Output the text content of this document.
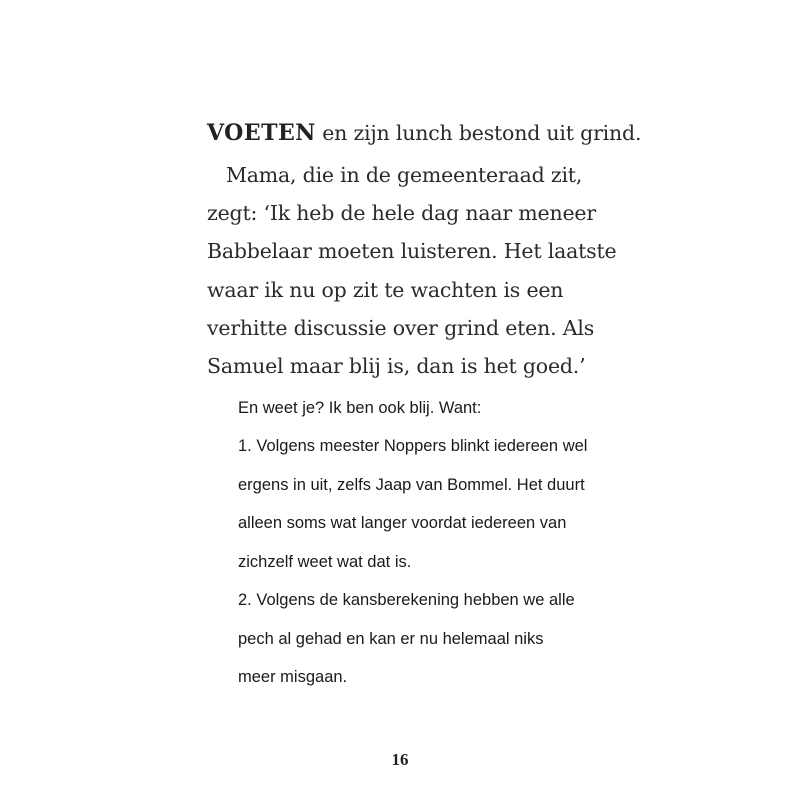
VOETEN en zijn lunch bestond uit grind.
Mama, die in de gemeenteraad zit,
zegt: ‘Ik heb de hele dag naar meneer
Babbelaar moeten luisteren. Het laatste
waar ik nu op zit te wachten is een
verhitte discussie over grind eten. Als
Samuel maar blij is, dan is het goed.’
En weet je? Ik ben ook blij. Want:
1. Volgens meester Noppers blinkt iedereen wel
ergens in uit, zelfs Jaap van Bommel. Het duurt
alleen soms wat langer voordat iedereen van
zichzelf weet wat dat is.
2. Volgens de kansberekening hebben we alle
pech al gehad en kan er nu helemaal niks
meer misgaan.
16
